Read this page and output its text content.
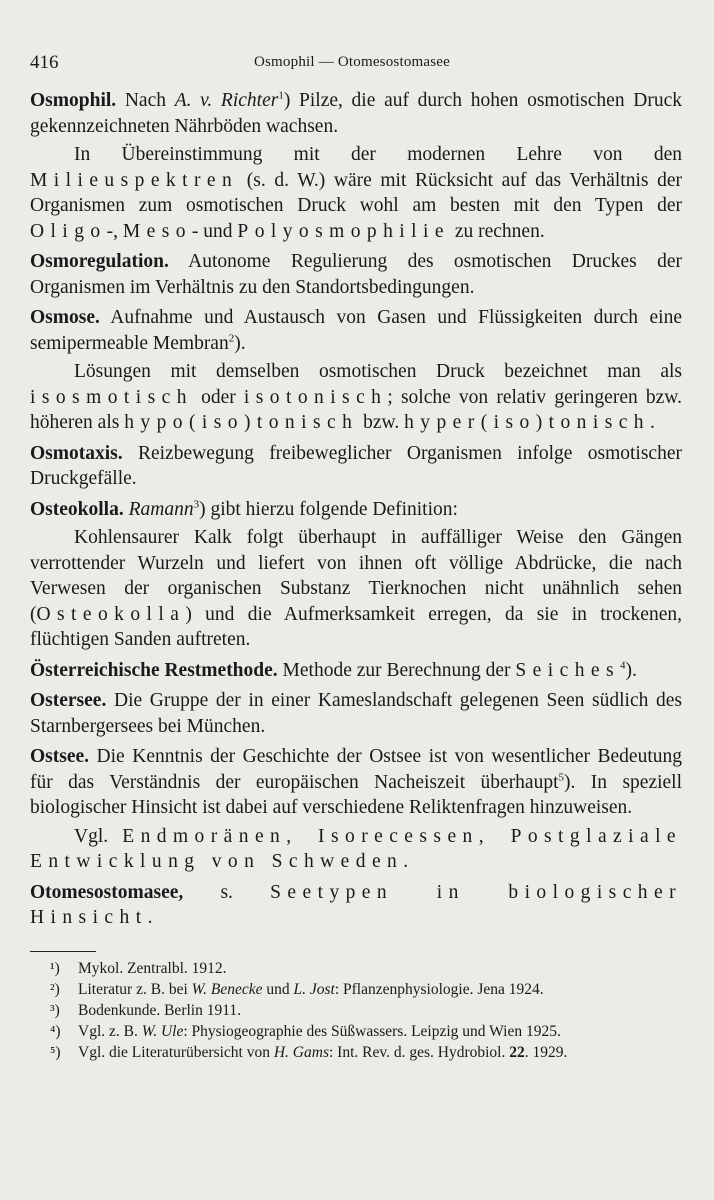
416	Osmophil — Otomesostomasee

Osmophil. Nach A. v. Richter$^1$) Pilze, die auf durch hohen osmotischen Druck gekennzeichneten Nährböden wachsen.

In Übereinstimmung mit der modernen Lehre von den Milieuspektren (s. d. W.) wäre mit Rücksicht auf das Verhältnis der Organismen zum osmotischen Druck wohl am besten mit den Typen der Oligo-, Meso- und Polyosmophilie zu rechnen.

Osmoregulation. Autonome Regulierung des osmotischen Druckes der Organismen im Verhältnis zu den Standortsbedingungen.

Osmose. Aufnahme und Austausch von Gasen und Flüssigkeiten durch eine semipermeable Membran$^2$).

Lösungen mit demselben osmotischen Druck bezeichnet man als isosmotisch oder isotonisch; solche von relativ geringeren bzw. höheren als hypo(iso)tonisch bzw. hyper(iso)tonisch.

Osmotaxis. Reizbewegung freibeweglicher Organismen infolge osmotischer Druckgefälle.

Osteokolla. Ramann$^3$) gibt hierzu folgende Definition:

Kohlensaurer Kalk folgt überhaupt in auffälliger Weise den Gängen verrottender Wurzeln und liefert von ihnen oft völlige Abdrücke, die nach Verwesen der organischen Substanz Tierknochen nicht unähnlich sehen (Osteokolla) und die Aufmerksamkeit erregen, da sie in trockenen, flüchtigen Sanden auftreten.

Österreichische Restmethode. Methode zur Berechnung der Seiches$^4$).

Ostersee. Die Gruppe der in einer Kameslandschaft gelegenen Seen südlich des Starnbergersees bei München.

Ostsee. Die Kenntnis der Geschichte der Ostsee ist von wesentlicher Bedeutung für das Verständnis der europäischen Nacheiszeit überhaupt$^5$). In speziell biologischer Hinsicht ist dabei auf verschiedene Reliktenfragen hinzuweisen.

Vgl. Endmoränen, Isorecessen, Postglaziale Entwicklung von Schweden.

Otomesostomasee, s. Seetypen in biologischer Hinsicht.

¹) Mykol. Zentralbl. 1912.
²) Literatur z. B. bei W. Benecke und L. Jost: Pflanzenphysiologie. Jena 1924.
³) Bodenkunde. Berlin 1911.
⁴) Vgl. z. B. W. Ule: Physiogeographie des Süßwassers. Leipzig und Wien 1925.
⁵) Vgl. die Literaturübersicht von H. Gams: Int. Rev. d. ges. Hydrobiol. 22. 1929.
